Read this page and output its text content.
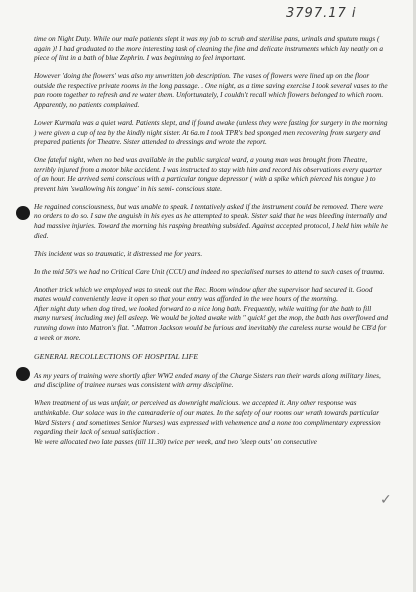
3797.17 i

time on Night Duty. While our male patients slept it was my job to scrub and sterilise pans, urinals and sputum mugs ( again )! I had graduated to the more interesting task of cleaning the fine and delicate instruments which lay neatly on a piece of lint in a bath of blue Zephrin. I was beginning to feel important.

However 'doing the flowers' was also my unwritten job description. The vases of flowers were lined up on the floor outside the respective private rooms in the long passage. . One night, as a time saving exercise I took several vases to the pan room together to refresh and re water them. Unfortunately, I couldn't recall which flowers belonged to which room. Apparently, no patients complained.

Lower Kurmala was a quiet ward. Patients slept, and if found awake (unless they were fasting for surgery in the morning ) were given a cup of tea by the kindly night sister. At 6a.m I took TPR's bed sponged men recovering from surgery and prepared patients for Theatre. Sister attended to dressings and wrote the report.

One fateful night, when no bed was available in the public surgical ward, a young man was brought from Theatre, terribly injured from a motor bike accident. I was instructed to stay with him and record his observations every quarter of an hour. He arrived semi conscious with a particular tongue depressor ( with a spike which pierced his tongue ) to prevent him 'swallowing his tongue' in his semi- conscious state.

He regained consciousness, but was unable to speak. I tentatively asked if the instrument could be removed. There were no orders to do so. I saw the anguish in his eyes as he attempted to speak. Sister said that he was bleeding internally and had massive injuries. Toward the morning his rasping breathing subsided. Against accepted protocol, I held him while he died.

This incident was so traumatic, it distressed me for years.

In the mid 50's we had no Critical Care Unit (CCU) and indeed no specialised nurses to attend to such cases of trauma.

Another trick which we employed was to sneak out the Rec. Room window after the supervisor had secured it. Good mates would conveniently leave it open so that your entry was afforded in the wee hours of the morning.

After night duty when dog tired, we looked forward to a nice long bath. Frequently, while waiting for the bath to fill many nurses( including me) fell asleep. We would be jolted awake with " quick! get the mop, the bath has overflowed and running down into Matron's flat. ".Matron Jackson would be furious and inevitably the careless nurse would be CB'd for a week or more.

GENERAL RECOLLECTIONS OF HOSPITAL LIFE

As my years of training were shortly after WW2 ended many of the Charge Sisters ran their wards along military lines, and discipline of trainee nurses was consistent with army discipline.

When treatment of us was unfair, or perceived as downright malicious. we accepted it. Any other response was unthinkable. Our solace was in the camaraderie of our mates. In the safety of our rooms our wrath towards particular Ward Sisters ( and sometimes Senior Nurses) was expressed with vehemence and a none too complimentary expression regarding their lack of sexual satisfaction .

We were allocated two late passes (till 11.30) twice per week, and two 'sleep outs' on consecutive

✓
